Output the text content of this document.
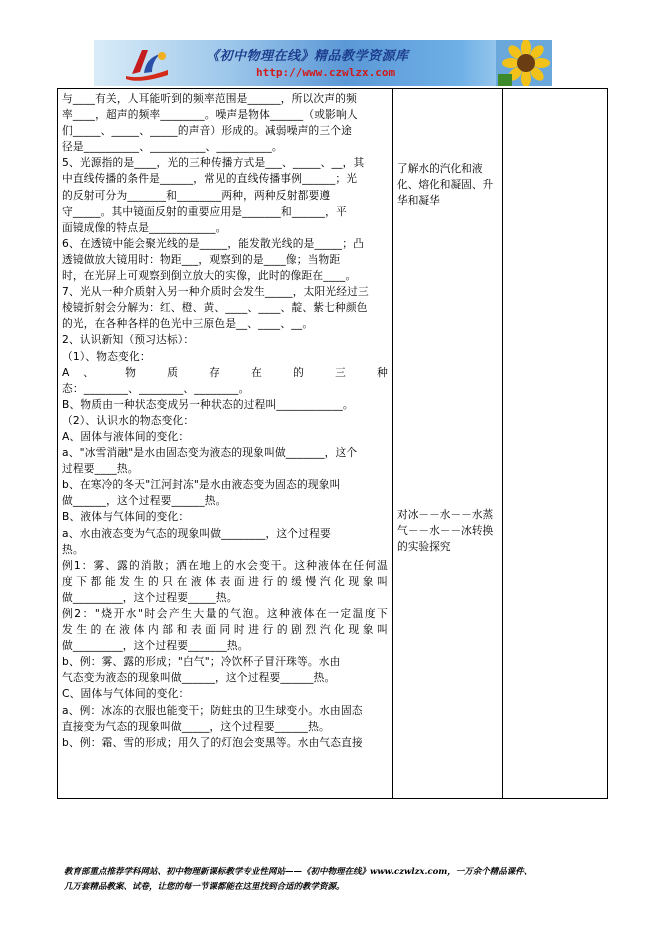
《初中物理在线》精品教学资源库
http://www.czwlzx.com

与____有关，人耳能听到的频率范围是______，所以次声的频

率____，超声的频率________。噪声是物体______（或影响人

们_____、_____、_____的声音）形成的。减弱噪声的三个途

径是__________、__________、__________。

5、光源指的是____，光的三种传播方式是___、_____、__，其

中直线传播的条件是______，常见的直线传播事例______；光

的反射可分为_______和________两种，两种反射都要遵

守_____。其中镜面反射的重要应用是_______和______，平

面镜成像的特点是____________。

6、在透镜中能会聚光线的是_____，能发散光线的是_____；凸

透镜做放大镜用时：物距___，观察到的是____像；当物距

时，在光屏上可观察到倒立放大的实像，此时的像距在____。

7、光从一种介质射入另一种介质时会发生_____，太阳光经过三

棱镜折射会分解为：红、橙、黄、____、____、靛、紫七种颜色

的光，在各种各样的色光中三原色是__、____、__。

2、认识新知（预习达标）：

（1）、物态变化：

A、 物 质 存 在 的 三 种

态：________、________、________。

B、物质由一种状态变成另一种状态的过程叫____________。

（2）、认识水的物态变化：

A、固体与液体间的变化：

a、"冰雪消融"是水由固态变为液态的现象叫做_______，这个

过程要____热。

b、在寒冷的冬天"江河封冻"是水由液态变为固态的现象叫

做______，这个过程要______热。

B、液体与气体间的变化：

a、水由液态变为气态的现象叫做________，这个过程要

热。

例1：雾、露的消散；洒在地上的水会变干。这种液体在任何温

度下都能发生的只在液体表面进行的缓慢汽化现象叫

做_________，这个过程要_____热。

例2："烧开水"时会产生大量的气泡。这种液体在一定温度下

发生的在液体内部和表面同时进行的剧烈汽化现象叫

做_________，这个过程要_______热。

b、例：雾、露的形成；"白气"；冷饮杯子冒汗珠等。水由

气态变为液态的现象叫做______，这个过程要______热。

C、固体与气体间的变化：

a、例：冰冻的衣服也能变干；防蛀虫的卫生球变小。水由固态

直接变为气态的现象叫做_____，这个过程要______热。

b、例：霜、雪的形成；用久了的灯泡会变黑等。水由气态直接

了解水的汽化和液化、熔化和凝固、升华和凝华
对冰－－水－－水蒸气－－水－－冰转换的实验探究

教育部重点推荐学科网站、初中物理新课标教学专业性网站——《初中物理在线》www.czwlzx.com，一万余个精品课件、

几万套精品教案、试卷，让您的每一节课都能在这里找到合适的教学资源。
